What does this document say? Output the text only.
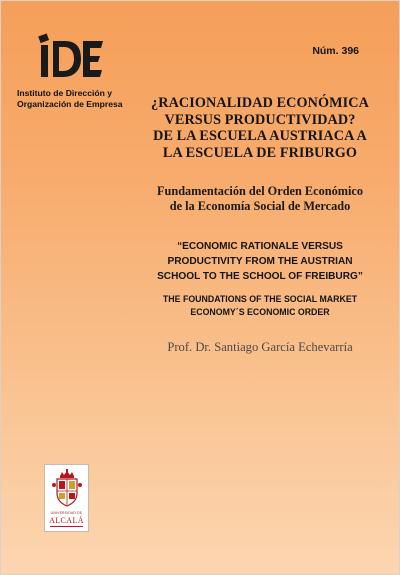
Instituto de Dirección y
Organización de Empresa
Núm. 396
¿RACIONALIDAD ECONÓMICA
VERSUS PRODUCTIVIDAD?
DE LA ESCUELA AUSTRIACA A
LA ESCUELA DE FRIBURGO
Fundamentación del Orden Económico
de la Economía Social de Mercado
“ECONOMIC RATIONALE VERSUS
PRODUCTIVITY FROM THE AUSTRIAN
SCHOOL TO THE SCHOOL OF FREIBURG”
THE FOUNDATIONS OF THE SOCIAL MARKET
ECONOMY´S ECONOMIC ORDER
Prof. Dr. Santiago García Echevarría
UNIVERSIDAD DE
ALCALÁ
